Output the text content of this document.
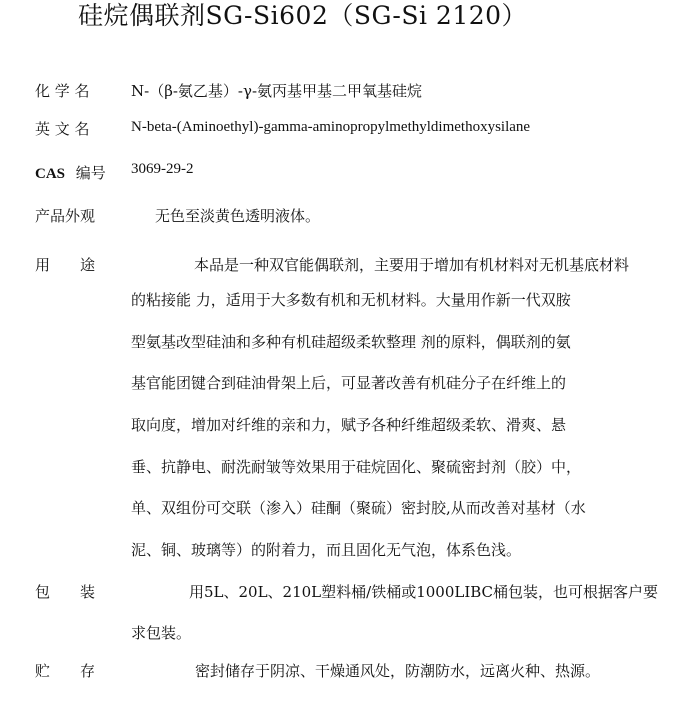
硅烷偶联剂SG-Si602（SG-Si 2120）
化 学 名	N-（β-氨乙基）-γ-氨丙基甲基二甲氧基硅烷
英 文 名	N-beta-(Aminoethyl)-gamma-aminopropylmethyldimethoxysilane
CAS 编号 3069-29-2
产品外观	无色至淡黄色透明液体。
用　　途	本品是一种双官能偶联剂，主要用于增加有机材料对无机基底材料
的粘接能 力，适用于大多数有机和无机材料。大量用作新一代双胺
型氨基改型硅油和多种有机硅超级柔软整理 剂的原料，偶联剂的氨
基官能团键合到硅油骨架上后，可显著改善有机硅分子在纤维上的
取向度，增加对纤维的亲和力，赋予各种纤维超级柔软、滑爽、悬
垂、抗静电、耐洗耐皱等效果用于硅烷固化、聚硫密封剂（胶）中，
单、双组份可交联（渗入）硅酮（聚硫）密封胶,从而改善对基材（水
泥、铜、玻璃等）的附着力，而且固化无气泡，体系色浅。
包　　装	用5L、20L、210L塑料桶/铁桶或1000LIBC桶包装，也可根据客户要
求包装。
贮　　存	密封储存于阴凉、干燥通风处，防潮防水，远离火种、热源。
